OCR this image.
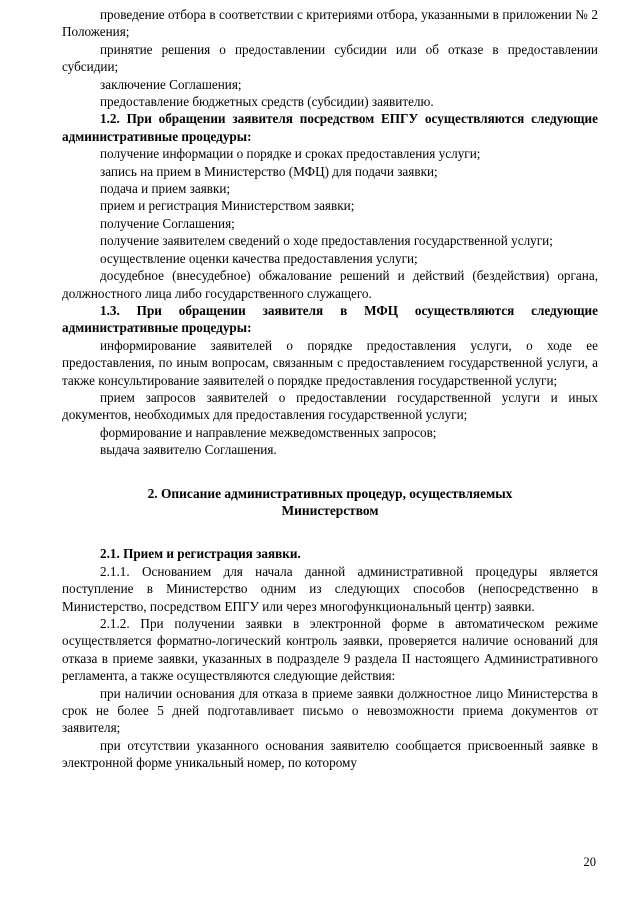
проведение отбора в соответствии с критериями отбора, указанными в приложении № 2 Положения;

принятие решения о предоставлении субсидии или об отказе в предоставлении субсидии;

заключение Соглашения;

предоставление бюджетных средств (субсидии) заявителю.

1.2. При обращении заявителя посредством ЕПГУ осуществляются следующие административные процедуры:

получение информации о порядке и сроках предоставления услуги;

запись на прием в Министерство (МФЦ) для подачи заявки;

подача и прием заявки;

прием и регистрация Министерством заявки;

получение Соглашения;

получение заявителем сведений о ходе предоставления государственной услуги;

осуществление оценки качества предоставления услуги;

досудебное (внесудебное) обжалование решений и действий (бездействия) органа, должностного лица либо государственного служащего.

1.3. При обращении заявителя в МФЦ осуществляются следующие административные процедуры:

информирование заявителей о порядке предоставления услуги, о ходе ее предоставления, по иным вопросам, связанным с предоставлением государственной услуги, а также консультирование заявителей о порядке предоставления государственной услуги;

прием запросов заявителей о предоставлении государственной услуги и иных документов, необходимых для предоставления государственной услуги;

формирование и направление межведомственных запросов;

выдача заявителю Соглашения.

2. Описание административных процедур, осуществляемых
Министерством

2.1. Прием и регистрация заявки.

2.1.1. Основанием для начала данной административной процедуры является поступление в Министерство одним из следующих способов (непосредственно в Министерство, посредством ЕПГУ или через многофункциональный центр) заявки.

2.1.2. При получении заявки в электронной форме в автоматическом режиме осуществляется форматно-логический контроль заявки, проверяется наличие оснований для отказа в приеме заявки, указанных в подразделе 9 раздела II настоящего Административного регламента, а также осуществляются следующие действия:

при наличии основания для отказа в приеме заявки должностное лицо Министерства в срок не более 5 дней подготавливает письмо о невозможности приема документов от заявителя;

при отсутствии указанного основания заявителю сообщается присвоенный заявке в электронной форме уникальный номер, по которому

20
